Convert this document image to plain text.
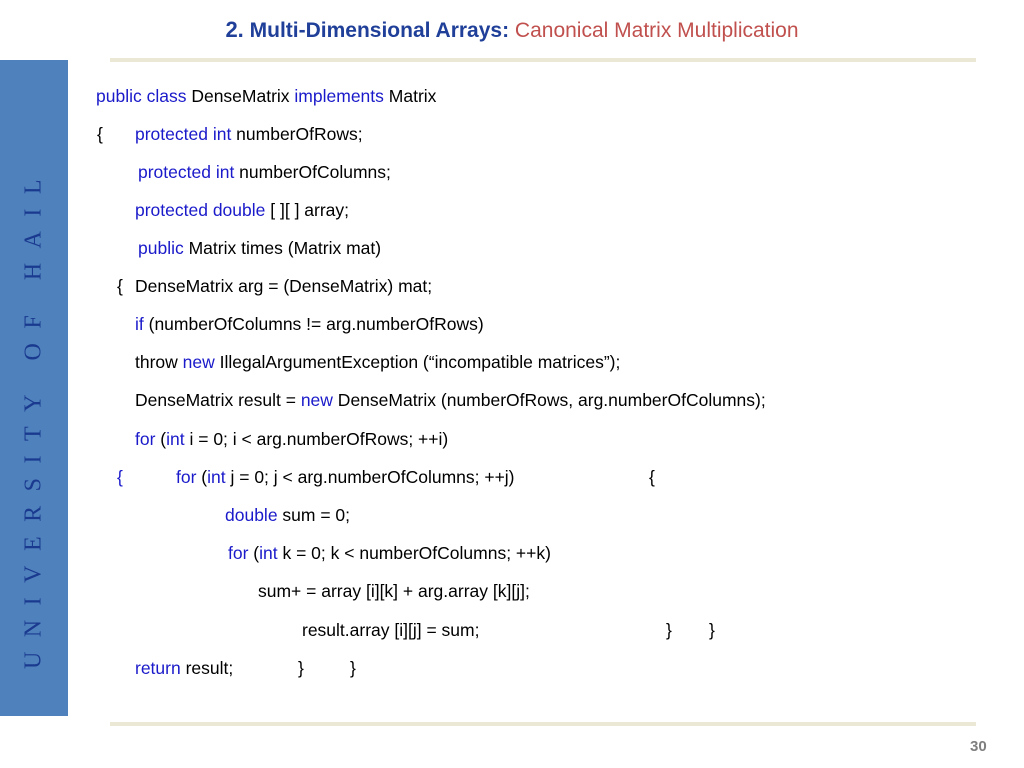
2. Multi-Dimensional Arrays: Canonical Matrix Multiplication
UNIVERSITY OF HAIL
public class DenseMatrix implements Matrix
{ protected int numberOfRows;
protected int numberOfColumns;
protected double [ ][ ] array;
public Matrix times (Matrix mat)
{ DenseMatrix arg = (DenseMatrix) mat;
if (numberOfColumns != arg.numberOfRows)
throw new IllegalArgumentException (“incompatible matrices”);
DenseMatrix result = new DenseMatrix (numberOfRows, arg.numberOfColumns);
for (int i = 0; i < arg.numberOfRows; ++i)
{	for (int j = 0; j < arg.numberOfColumns; ++j)	{
double sum = 0;
for (int k = 0; k < numberOfColumns; ++k)
sum+ = array [i][k] + arg.array [k][j];
result.array [i][j] = sum;	} }
return result;	}	}
30
